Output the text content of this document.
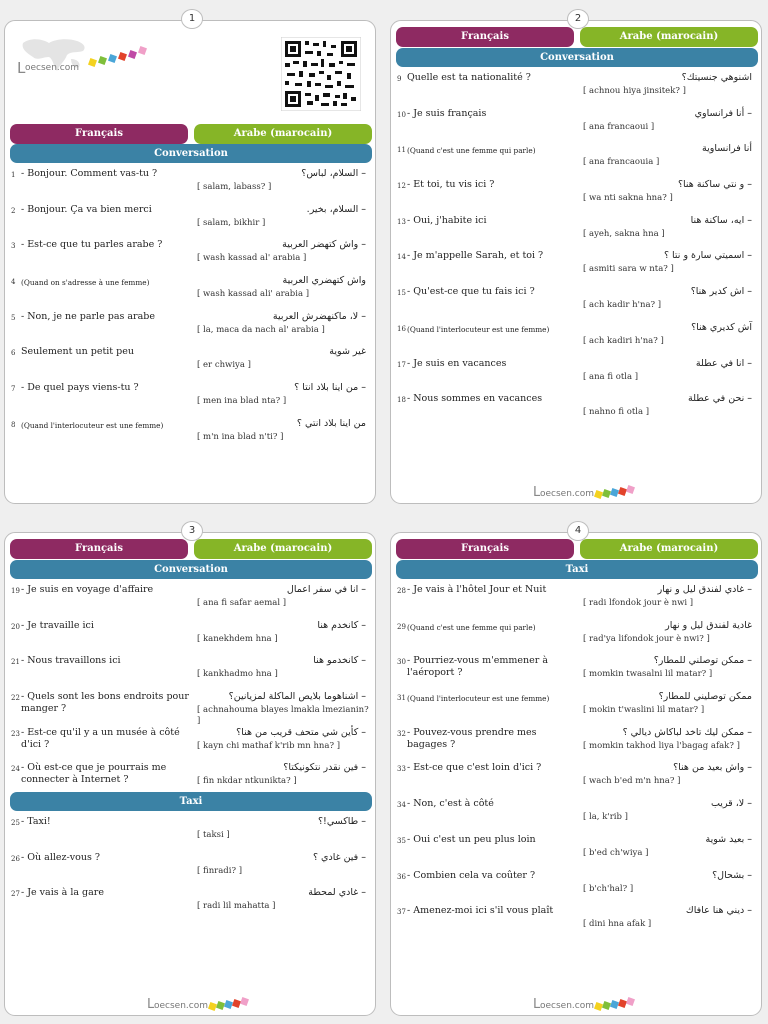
1
L oecsen.com
Français	Arabe (marocain)
Conversation
1 - Bonjour. Comment vas-tu ?	– السلام، لباس؟
[ salam, labass? ]
2 - Bonjour. Ça va bien merci	– السلام، بخير.
[ salam, bikhir ]
3 - Est-ce que tu parles arabe ?	– واش كتهضر العربية
[ wash kassad al' arabia ]
4 (Quand on s'adresse à une femme)	واش كتهضري العربية
[ wash kassad ali' arabia ]
5 - Non, je ne parle pas arabe	– لا، ماكنهضرش العربية
[ la, maca da nach al' arabia ]
6 Seulement un petit peu	غير شوية
[ er chwiya ]
7 - De quel pays viens-tu ?	– من اينا بلاد انتا ؟
[ men ina blad nta? ]
8 (Quand l'interlocuteur est une femme)	من اينا بلاد انتي ؟
[ m'n ina blad n'ti? ]
2
Français	Arabe (marocain)
Conversation
9 Quelle est ta nationalité ?	اشنوهي جنسيتك؟
[ achnou hiya jinsitek? ]
10 - Je suis français	– أنا فرانساوي
[ ana francaoui ]
11 (Quand c'est une femme qui parle)	أنا فرانساوية
[ ana francaouia ]
12 - Et toi, tu vis ici ?	– و نتي ساكنة هنا؟
[ wa nti sakna hna? ]
13 - Oui, j'habite ici	– ايه، ساكنة هنا
[ ayeh, sakna hna ]
14 - Je m'appelle Sarah, et toi ?	– اسميتي سارة و نتا ؟
[ asmiti sara w nta? ]
15 - Qu'est-ce que tu fais ici ?	– اش كدير هنا؟
[ ach kadir h'na? ]
16 (Quand l'interlocuteur est une femme)	آش كديري هنا؟
[ ach kadiri h'na? ]
17 - Je suis en vacances	– انا في عطلة
[ ana fi otla ]
18 - Nous sommes en vacances	– نحن في عطلة
[ nahno fi otla ]
L oecsen.com
3
Français	Arabe (marocain)
Conversation
19 - Je suis en voyage d'affaire	– انا في سفر اعمال
[ ana fi safar aemal ]
20 - Je travaille ici	– كانخدم هنا
[ kanekhdem hna ]
21 - Nous travaillons ici	– كانخدمو هنا
[ kankhadmo hna ]
22 - Quels sont les bons endroits pour manger ?
– اشناهوما بلايص الماكلة لمزيانين؟
[ achnahouma blayes lmakla lmezianin? ]
23 - Est-ce qu'il y a un musée à côté d'ici ?
– كأين شي متحف قريب من هنا؟
[ kayn chi mathaf k'rib mn hna? ]
24 - Où est-ce que je pourrais me connecter à Internet ?
– فين نقدر نتكونيكتا؟
[ fin nkdar ntkunikta? ]
Taxi
25 - Taxi!	– طاكسي!؟
[ taksi ]
26 - Où allez-vous ?	– فين غادي ؟
[ finradi? ]
27 - Je vais à la gare	– غادي لمحطة
[ radi lil mahatta ]
L oecsen.com
4
Français	Arabe (marocain)
Taxi
28 - Je vais à l'hôtel Jour et Nuit	– غادي لفندق ليل و نهار
[ radi lfondok jour è nwi ]
29 (Quand c'est une femme qui parle)	غادية لفندق ليل و نهار
[ rad'ya lifondok jour è nwi? ]
30 - Pourriez-vous m'emmener à l'aéroport ?
– ممكن توصلني للمطار؟
[ momkin twasalni lil matar? ]
31 (Quand l'interlocuteur est une femme)	ممكن توصليني للمطار؟
[ mokin t'waslini lil matar? ]
32 - Pouvez-vous prendre mes bagages ?
– ممكن ليك تاخد لباكاش ديالي ؟
[ momkin takhod liya l'bagag afak? ]
33 - Est-ce que c'est loin d'ici ?	– واش بعيد من هنا؟
[ wach b'ed m'n hna? ]
34 - Non, c'est à côté	– لا، قريب
[ la, k'rib ]
35 - Oui c'est un peu plus loin	– بعيد شوية
[ b'ed ch'wiya ]
36 - Combien cela va coûter ?	– بشحال؟
[ b'ch'hal? ]
37 - Amenez-moi ici s'il vous plaît	– ديني هنا عافاك
[ dini hna afak ]
L oecsen.com
